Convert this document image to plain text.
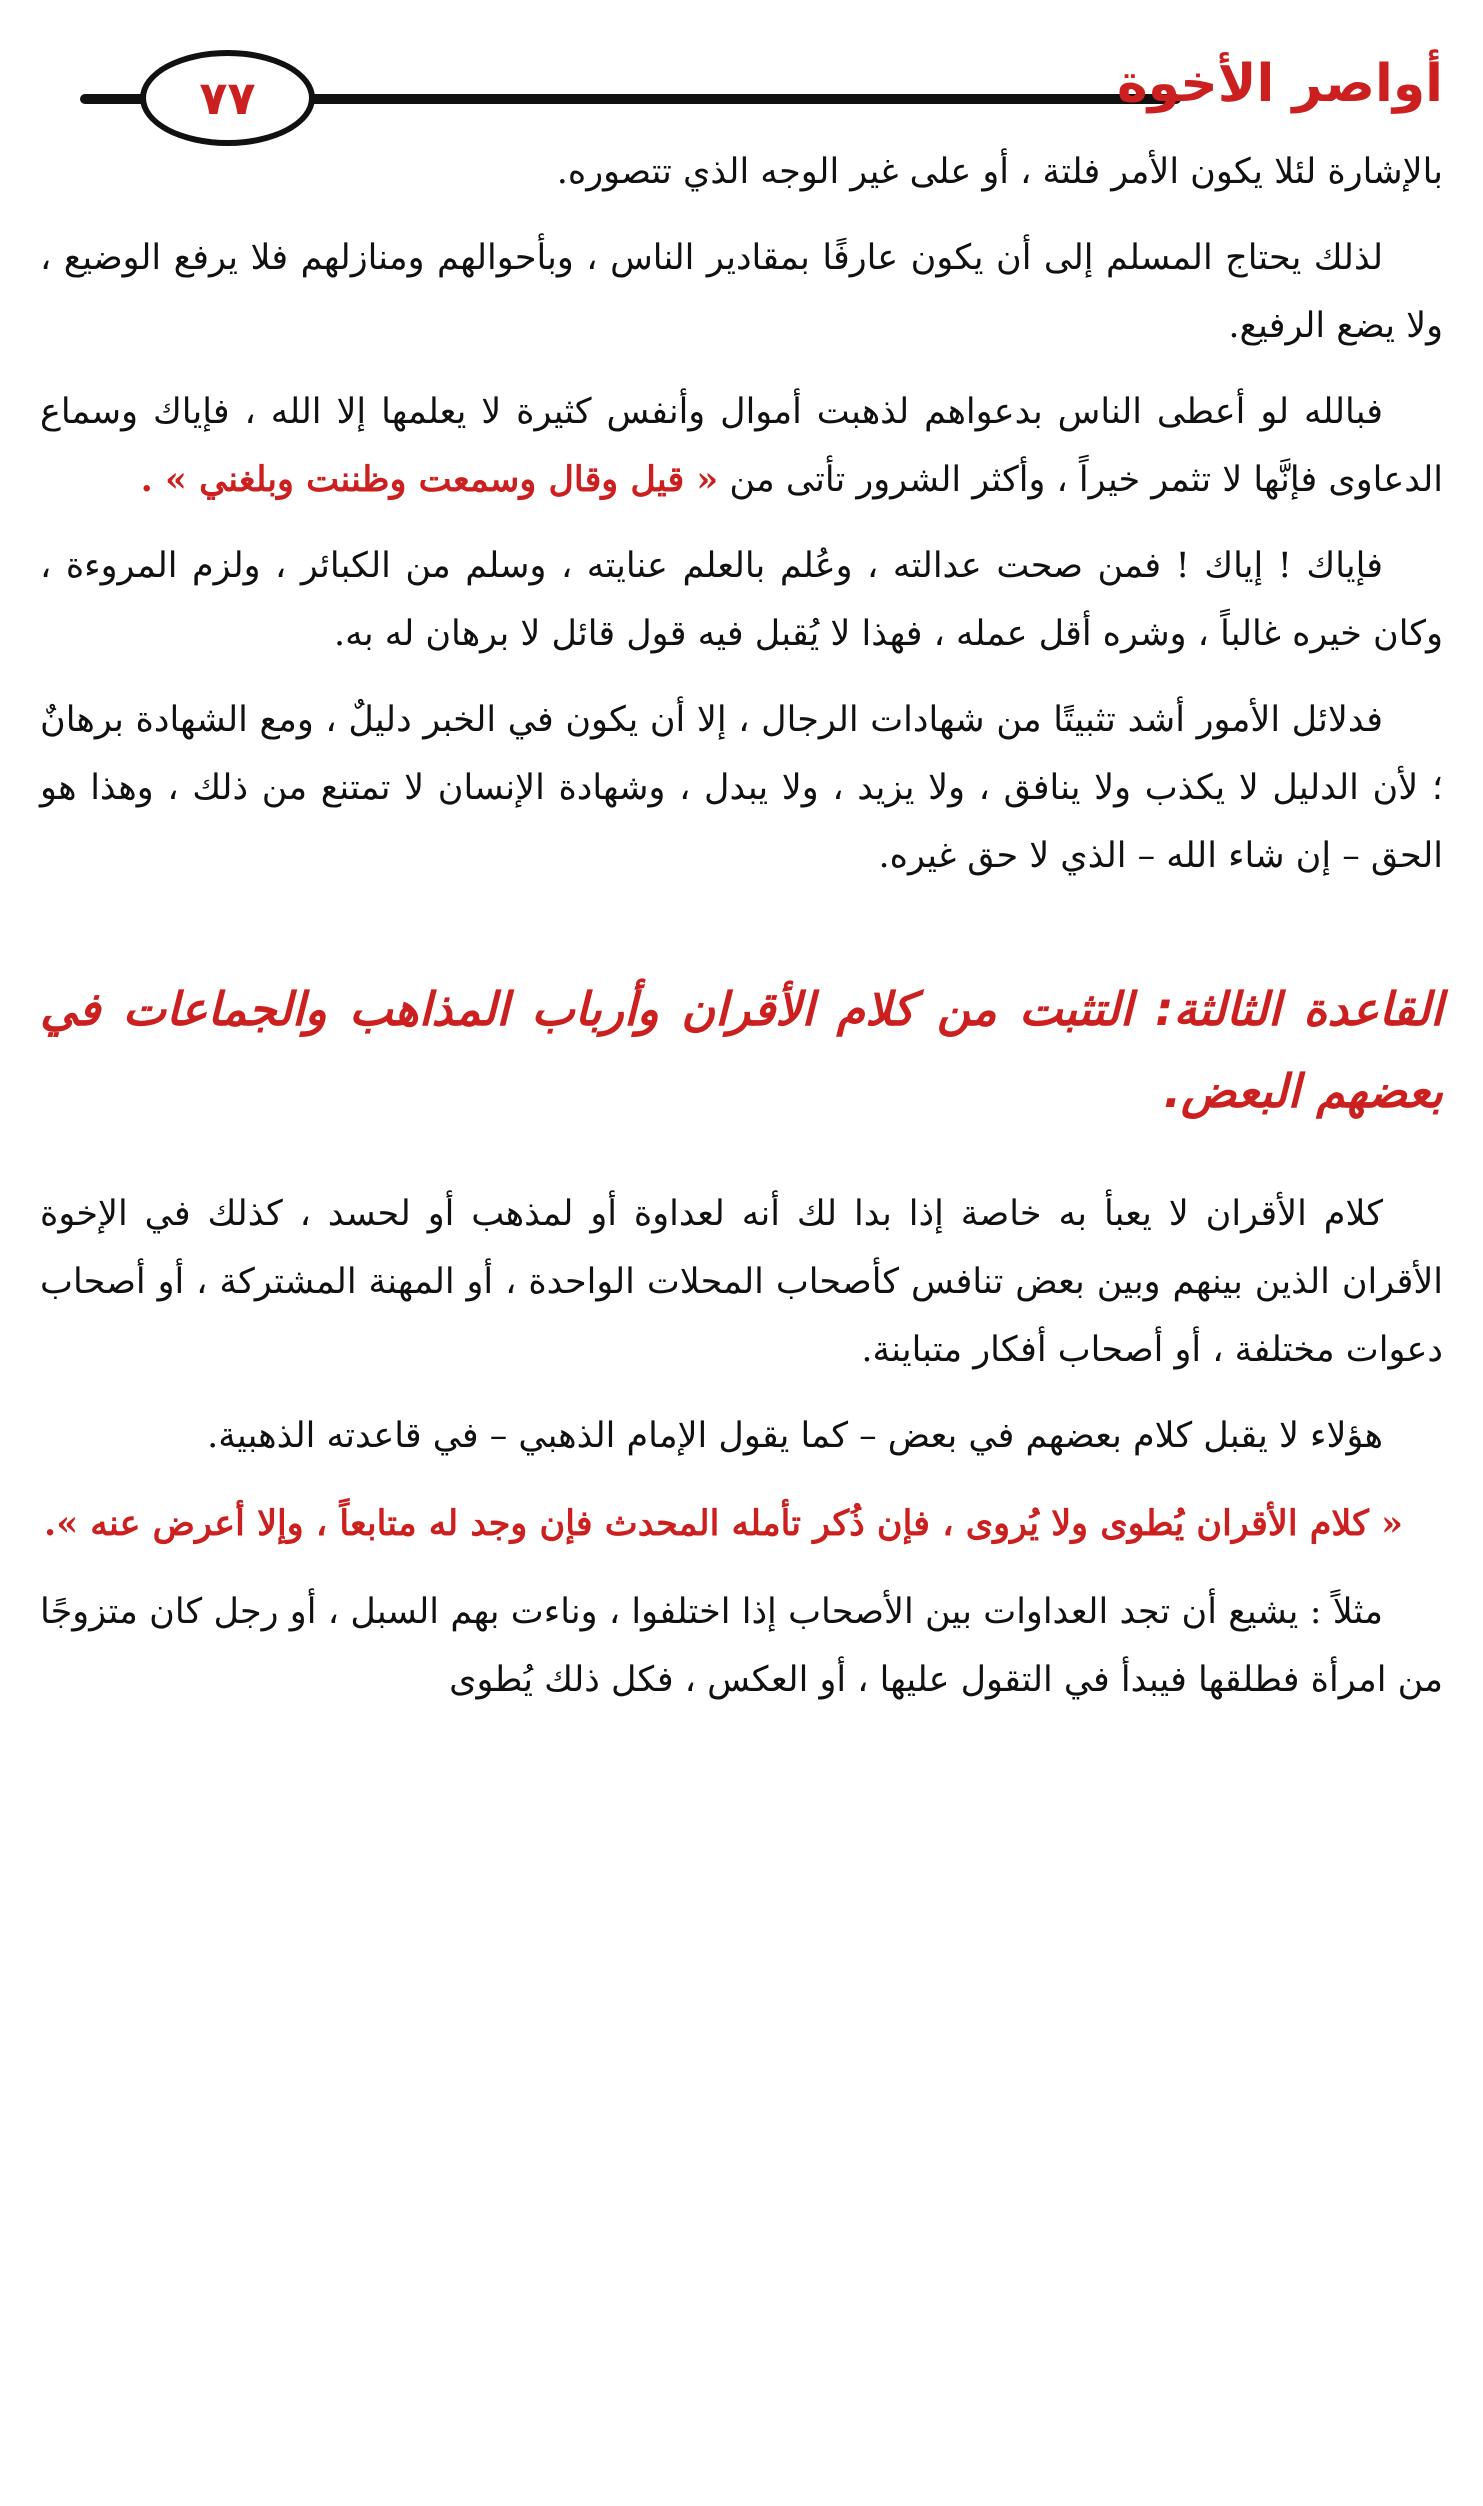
٧٧	أواصر الأخوة

بالإشارة لئلا يكون الأمر فلتة ، أو على غير الوجه الذي تتصوره.

لذلك يحتاج المسلم إلى أن يكون عارفًا بمقادير الناس ، وبأحوالهم ومنازلهم فلا يرفع الوضيع ، ولا يضع الرفيع.

فبالله لو أعطى الناس بدعواهم لذهبت أموال وأنفس كثيرة لا يعلمها إلا الله ، فإياك وسماع الدعاوى فإنَّها لا تثمر خيراً ، وأكثر الشرور تأتى من « قيل وقال وسمعت وظننت وبلغني » .

فإياك ! إياك ! فمن صحت عدالته ، وعُلم بالعلم عنايته ، وسلم من الكبائر ، ولزم المروءة ، وكان خيره غالباً ، وشره أقل عمله ، فهذا لا يُقبل فيه قول قائل لا برهان له به.

فدلائل الأمور أشد تثبيتًا من شهادات الرجال ، إلا أن يكون في الخبر دليلٌ ، ومع الشهادة برهانٌ ؛ لأن الدليل لا يكذب ولا ينافق ، ولا يزيد ، ولا يبدل ، وشهادة الإنسان لا تمتنع من ذلك ، وهذا هو الحق – إن شاء الله – الذي لا حق غيره.

القاعدة الثالثة: التثبت من كلام الأقران وأرباب المذاهب والجماعات في بعضهم البعض.

كلام الأقران لا يعبأ به خاصة إذا بدا لك أنه لعداوة أو لمذهب أو لحسد ، كذلك في الإخوة الأقران الذين بينهم وبين بعض تنافس كأصحاب المحلات الواحدة ، أو المهنة المشتركة ، أو أصحاب دعوات مختلفة ، أو أصحاب أفكار متباينة.

هؤلاء لا يقبل كلام بعضهم في بعض – كما يقول الإمام الذهبي – في قاعدته الذهبية.

« كلام الأقران يُطوى ولا يُروى ، فإن ذُكر تأمله المحدث فإن وجد له متابعاً ، وإلا أعرض عنه ».

مثلاً : يشيع أن تجد العداوات بين الأصحاب إذا اختلفوا ، وناءت بهم السبل ، أو رجل كان متزوجًا من امرأة فطلقها فيبدأ في التقول عليها ، أو العكس ، فكل ذلك يُطوى
